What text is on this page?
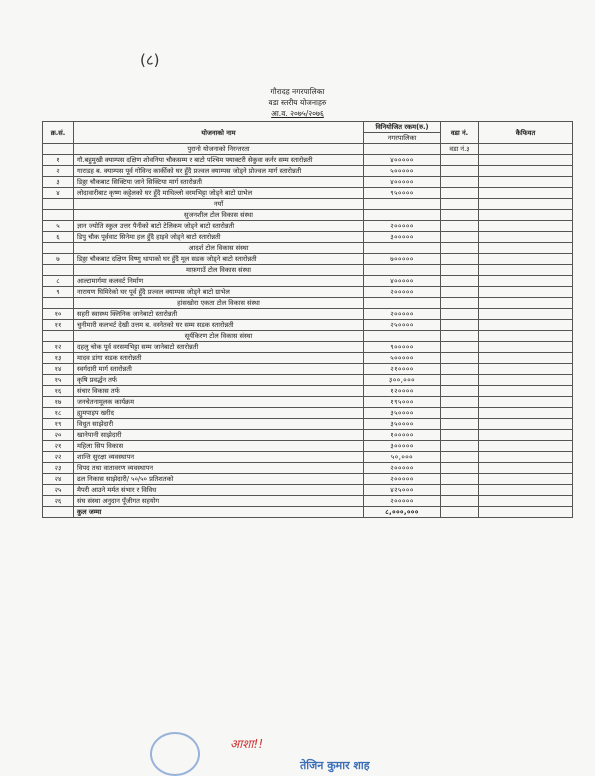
(८)
गौरादह नगरपालिका
वडा स्तरीय योजनाहरु
आ.व. २०७५/२०७६
क्र.सं.	योजनाको नाम	विनियोजित रकम(रु.)	वडा नं.	कैफियत
		नगरपालिका		
	पुरानो योजनाको निरन्तरता		वडा नं.३	
१	गौ.बहुमुखी क्याम्पस दक्षिण शोवनिया चौकसम्म र बाटो पश्चिम फ्याक्टरी सेकुवा कर्नर सम्म स्तारोन्नती	४०००००		
२	गाराडह ब. क्याम्पस पूर्व गोविन्द कार्कीको घर हुँदै प्रज्वल क्याम्पस जोड्ने प्रोज्वल मार्ग स्तारोन्नती	५०००००		
३	डिठ्ठा चौकबाट सिक्टिया जाने सिक्टिया मार्ग स्तारोन्नती	४०००००		
४	लोदावारीबाट कृष्ण कट्टेलको घर हुँदै माथिल्लो वरमभिट्टा जोड्ने बाटो ग्राभेल	९५००००		
	नयाँ			
	सुजनशील टोल विकास संस्था			
५	ज्ञान ज्योति स्कुल उत्तर पैनीको बाटो टेलिकम जोड्ने बाटो स्तारोन्नती	२०००००		
६	डिपु चौक पूर्ववाट सिनेमा हल हुँदै हाइवे जोड्ने बाटो स्तारोन्नती	३०००००		
	आदर्श टोल विकास संस्था			
७	डिठ्ठा चौकबाट दक्षिण विष्णु थापाको घर हुँदै मूल सडक जोड्ने बाटो स्तारोन्नती	७०००००		
	माफ़गाउँ टोल विकास संस्था			
८	आल्टामार्गमा कलवर्ट निर्माण	४०००००		
९	नारायण घिमिरेको घर पूर्व हुँदै प्रज्वल क्याम्पस जोड्ने बाटो ग्राभेल	२०००००		
	हांसखोरा एकता टोल विकास संस्था			
१०	सहरी स्वास्थ्य क्लिनिक जानेबाटो स्तारोन्नती	२०००००		
११	चुनीमारी कलभर्ट देखी उत्तम ब. वस्नेतको घर सम्म सडक स्तारोन्नती	२५००००		
	सूर्यकिरण टोल विकास संस्था			
१२	दहलु चोक पूर्व वरसमभिट्टा सम्म जानेबाटो स्तारोन्नती	९०००००		
१३	मादव डांगा सडक स्तारोन्नती	५०००००		
१४	स्वर्गदारी मार्ग स्तारोन्नती	२१००००		
१५	कृषि प्रवर्द्धन तर्फ	३००,०००		
१६	संचार विकास तर्फ	१२००००		
१७	जनचेतनामूलक कार्यक्रम	१९५०००		
१८	ह्युमपाइप खरीद	३५००००		
१९	विधुत साझेदारी	३५००००		
२०	खानेपानी साझेदारी	१०००००		
२१	महिला सिप विकास	३०००००		
२२	शान्ति सुरक्षा व्यवस्थापन	५०,०००		
२३	विपद तथा वातावरण व्यवस्थापन	२०००००		
२४	ढल निकास साझेदारी/ ५०/५० प्रतिशतको	२०००००		
२५	मैपरी आउने मर्मत संभार र विविध	४२५०००		
२६	संघ संस्था अनुदान पूँजीगत सहयोग	२०००००		
	कुल जम्मा	८,०००,०००		
आशा!!
तेजिन कुमार शाह
